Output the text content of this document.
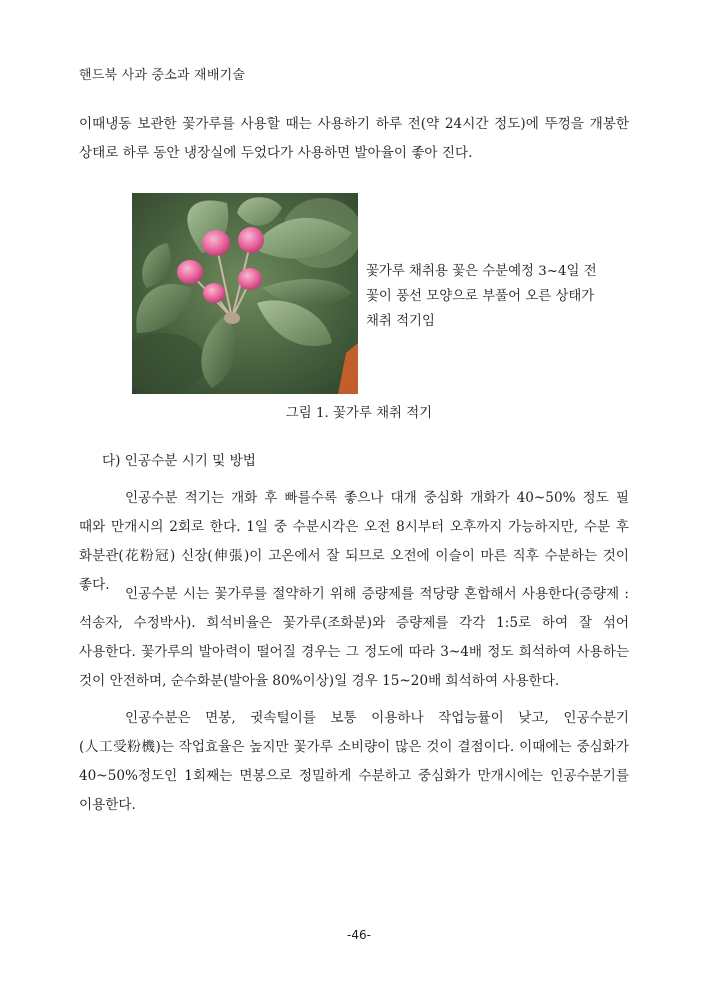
핸드북 사과 중소과 재배기술

이때냉동 보관한 꽃가루를 사용할 때는 사용하기 하루 전(약 24시간 정도)에 뚜껑을 개봉한 상태로 하루 동안 냉장실에 두었다가 사용하면 발아율이 좋아 진다.

꽃가루 채취용 꽃은 수분예정 3~4일 전 꽃이 풍선 모양으로 부풀어 오른 상태가 채취 적기임
그림 1. 꽃가루 채취 적기
다) 인공수분 시기 및 방법

인공수분 적기는 개화 후 빠를수록 좋으나 대개 중심화 개화가 40~50% 정도 필 때와 만개시의 2회로 한다. 1일 중 수분시각은 오전 8시부터 오후까지 가능하지만, 수분 후 화분관(花粉冠) 신장(伸張)이 고온에서 잘 되므로 오전에 이슬이 마른 직후 수분하는 것이 좋다.

인공수분 시는 꽃가루를 절약하기 위해 증량제를 적당량 혼합해서 사용한다(증량제 : 석송자, 수정박사). 희석비율은 꽃가루(조화분)와 증량제를 각각 1:5로 하여 잘 섞어 사용한다. 꽃가루의 발아력이 떨어질 경우는 그 정도에 따라 3~4배 정도 희석하여 사용하는 것이 안전하며, 순수화분(발아율 80%이상)일 경우 15~20배 희석하여 사용한다.

인공수분은 면봉, 귓속털이를 보통 이용하나 작업능률이 낮고, 인공수분기(人工受粉機)는 작업효율은 높지만 꽃가루 소비량이 많은 것이 결점이다. 이때에는 중심화가 40~50%정도인 1회째는 면봉으로 정밀하게 수분하고 중심화가 만개시에는 인공수분기를 이용한다.

-46-
